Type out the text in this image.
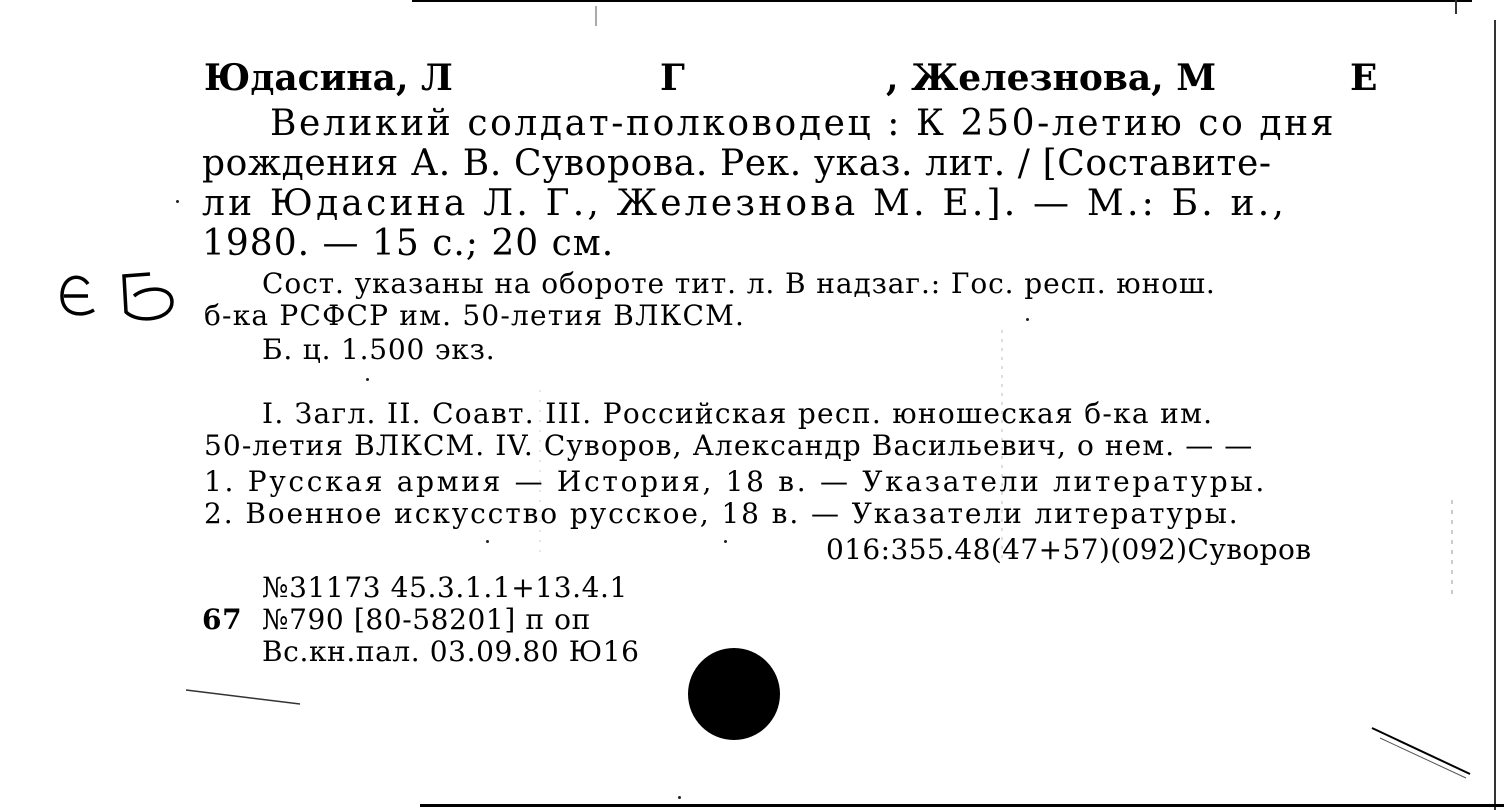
Юдасина, Л	Г	, Железнова, М	Е
Великий солдат-полководец : К 250-летию со дня
рождения А. В. Суворова. Рек. указ. лит. / [Составите-
ли Юдасина Л. Г., Железнова М. Е.]. — М.: Б. и.,
1980. — 15 с.; 20 см.
Сост. указаны на обороте тит. л. В надзаг.: Гос. респ. юнош.
б-ка РСФСР им. 50-летия ВЛКСМ.
Б. ц. 1.500 экз.
I. Загл. II. Соавт. III. Российская респ. юношеская б-ка им.
50-летия ВЛКСМ. IV. Суворов, Александр Васильевич, о нем. — —
1. Русская армия — История, 18 в. — Указатели литературы.
2. Военное искусство русское, 18 в. — Указатели литературы.
016:355.48(47+57)(092)Суворов
№31173 45.3.1.1+13.4.1
67 №790 [80-58201] п оп
Вс.кн.пал. 03.09.80 Ю16
